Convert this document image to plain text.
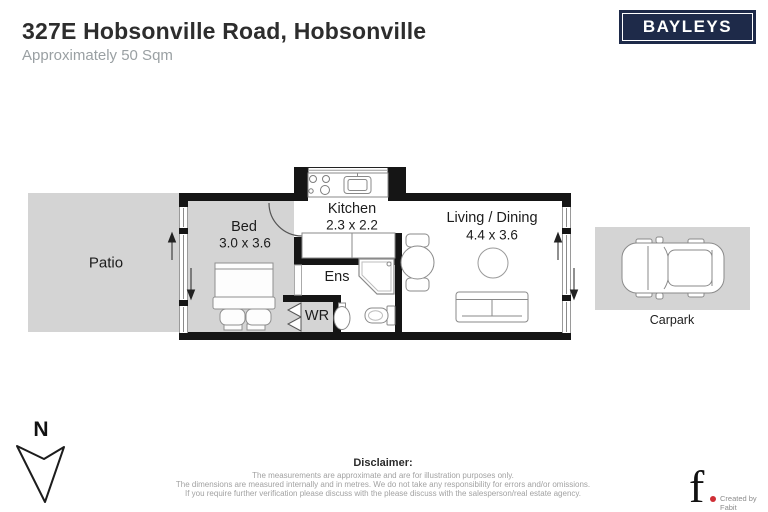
327E Hobsonville Road, Hobsonville
Approximately 50 Sqm
BAYLEYS
Patio
Bed
3.0 x 3.6
Kitchen
2.3 x 2.2
Ens
WR
Living / Dining
4.4 x 3.6
Carpark
N
Disclaimer:
The measurements are approximate and are for illustration purposes only.
The dimensions are measured internally and in metres. We do not take any responsibility for errors and/or omissions.
If you require further verification please discuss with the please discuss with the salesperson/real estate agency.	f Created by Fabit
